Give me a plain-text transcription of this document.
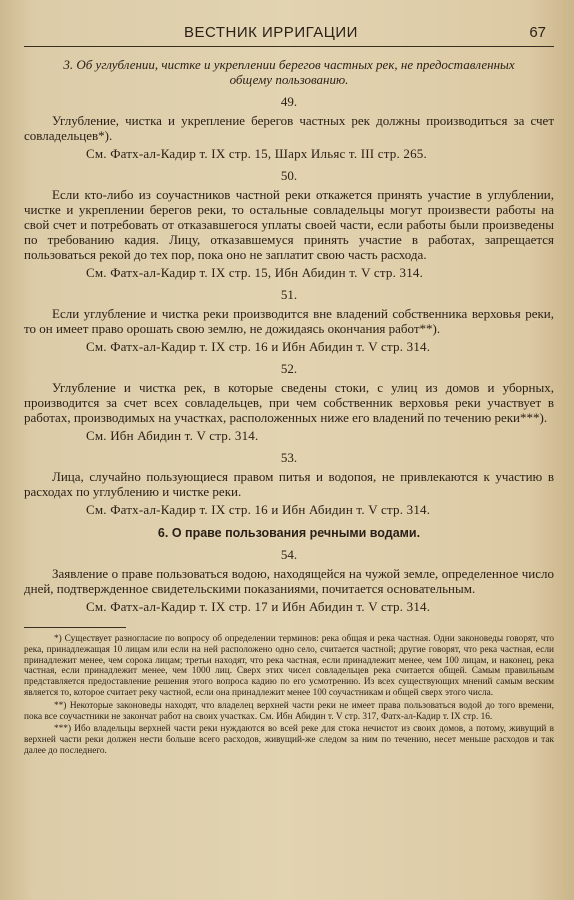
ВЕСТНИК ИРРИГАЦИИ	67
3. Об углублении, чистке и укреплении берегов частных рек, не предоставленных
общему пользованию.
49.

Углубление, чистка и укрепление берегов частных рек должны производиться за счет совладельцев*).

См. Фатх-ал-Кадир т. IX стр. 15, Шарх Ильяс т. III стр. 265.

50.

Если кто-либо из соучастников частной реки откажется принять участие в углублении, чистке и укреплении берегов реки, то остальные совладельцы могут произвести работы на свой счет и потребовать от отказавшегося уплаты своей части, если работы были произведены по требованию кадия. Лицу, отказавшемуся принять участие в работах, запрещается пользоваться рекой до тех пор, пока оно не заплатит свою часть расхода.

См. Фатх-ал-Кадир т. IX стр. 15, Ибн Абидин т. V стр. 314.

51.

Если углубление и чистка реки производится вне владений собственника верховья реки, то он имеет право орошать свою землю, не дожидаясь окончания работ**).

См. Фатх-ал-Кадир т. IX стр. 16 и Ибн Абидин т. V стр. 314.

52.

Углубление и чистка рек, в которые сведены стоки, с улиц из домов и уборных, производится за счет всех совладельцев, при чем собственник верховья реки участвует в работах, производимых на участках, расположенных ниже его владений по течению реки***).

См. Ибн Абидин т. V стр. 314.

53.

Лица, случайно пользующиеся правом питья и водопоя, не привлекаются к участию в расходах по углублению и чистке реки.

См. Фатх-ал-Кадир т. IX стр. 16 и Ибн Абидин т. V стр. 314.

6. О праве пользования речными водами.
54.

Заявление о праве пользоваться водою, находящейся на чужой земле, определенное число дней, подтвержденное свидетельскими показаниями, почитается основательным.

См. Фатх-ал-Кадир т. IX стр. 17 и Ибн Абидин т. V стр. 314.

*) Существует разногласие по вопросу об определении терминов: река общая и река частная. Одни законоведы говорят, что река, принадлежащая 10 лицам или если на ней расположено одно село, считается частной; другие говорят, что река частная, если принадлежит менее, чем сорока лицам; третьи находят, что река частная, если принадлежит менее, чем 100 лицам, и наконец, река частная, если принадлежит менее, чем 1000 лиц. Сверх этих чисел совладельцев река считается общей. Самым правильным представляется предоставление решения этого вопроса кадию по его усмотрению. Из всех существующих мнений самым веским является то, которое считает реку частной, если она принадлежит менее 100 соучастникам и общей сверх этого числа.

**) Некоторые законоведы находят, что владелец верхней части реки не имеет права пользоваться водой до того времени, пока все соучастники не закончат работ на своих участках. См. Ибн Абидин т. V стр. 317, Фатх-ал-Кадир т. IX стр. 16.

***) Ибо владельцы верхней части реки нуждаются во всей реке для стока нечистот из своих домов, а потому, живущий в верхней части реки должен нести больше всего расходов, живущий-же следом за ним по течению, несет меньше расходов и так далее до последнего.
